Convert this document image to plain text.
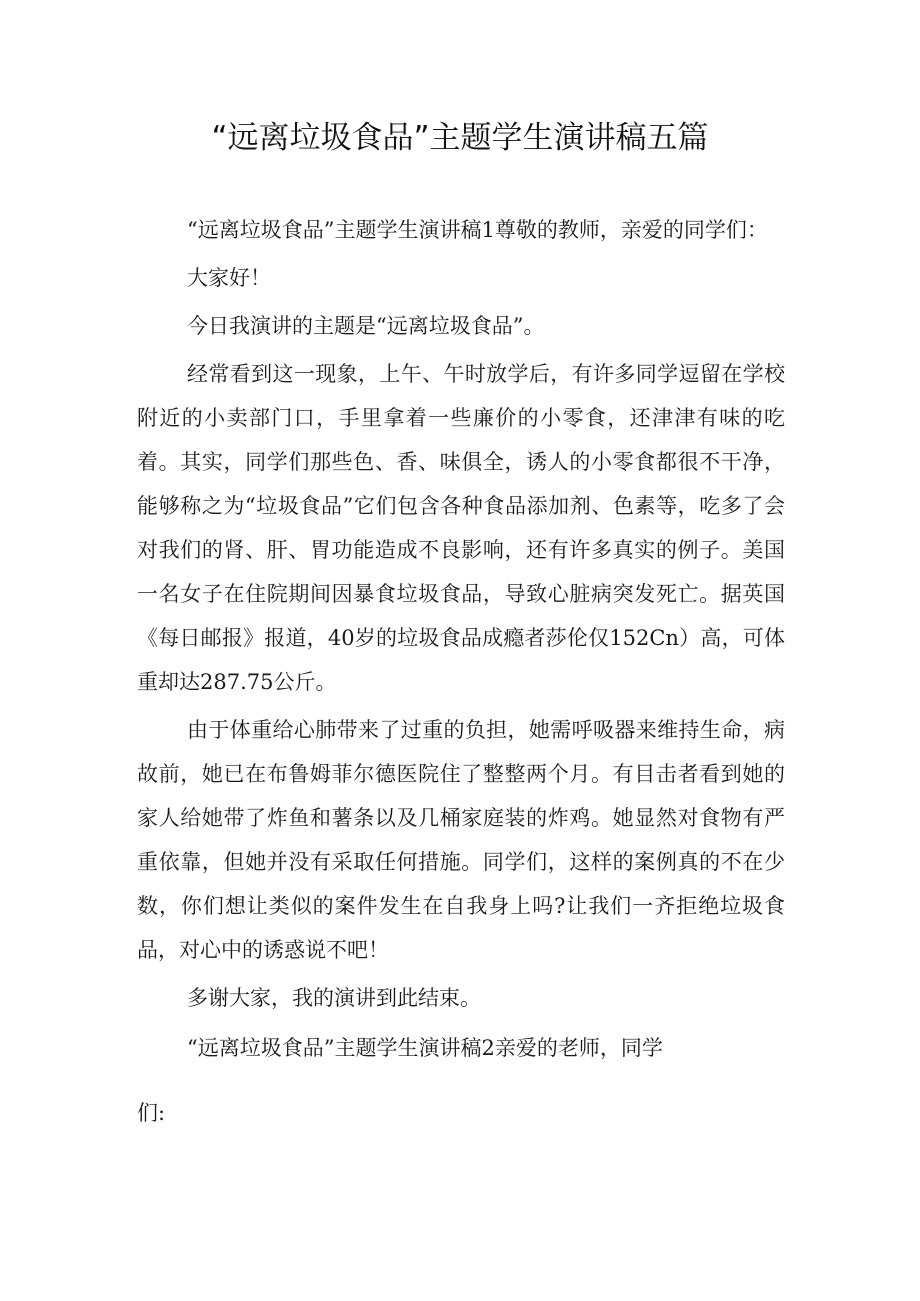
“远离垃圾食品”主题学生演讲稿五篇

“远离垃圾食品”主题学生演讲稿1尊敬的教师，亲爱的同学们：

大家好！

今日我演讲的主题是“远离垃圾食品”。

经常看到这一现象，上午、午时放学后，有许多同学逗留在学校附近的小卖部门口，手里拿着一些廉价的小零食，还津津有味的吃着。其实，同学们那些色、香、味俱全，诱人的小零食都很不干净，能够称之为“垃圾食品”它们包含各种食品添加剂、色素等，吃多了会对我们的肾、肝、胃功能造成不良影响，还有许多真实的例子。美国一名女子在住院期间因暴食垃圾食品，导致心脏病突发死亡。据英国《每日邮报》报道，40岁的垃圾食品成瘾者莎伦仅152Cn）高，可体重却达287.75公斤。

由于体重给心肺带来了过重的负担，她需呼吸器来维持生命，病故前，她已在布鲁姆菲尔德医院住了整整两个月。有目击者看到她的家人给她带了炸鱼和薯条以及几桶家庭装的炸鸡。她显然对食物有严重依靠，但她并没有采取任何措施。同学们，这样的案例真的不在少数，你们想让类似的案件发生在自我身上吗?让我们一齐拒绝垃圾食品，对心中的诱惑说不吧！

多谢大家，我的演讲到此结束。

“远离垃圾食品”主题学生演讲稿2亲爱的老师，同学

们:
